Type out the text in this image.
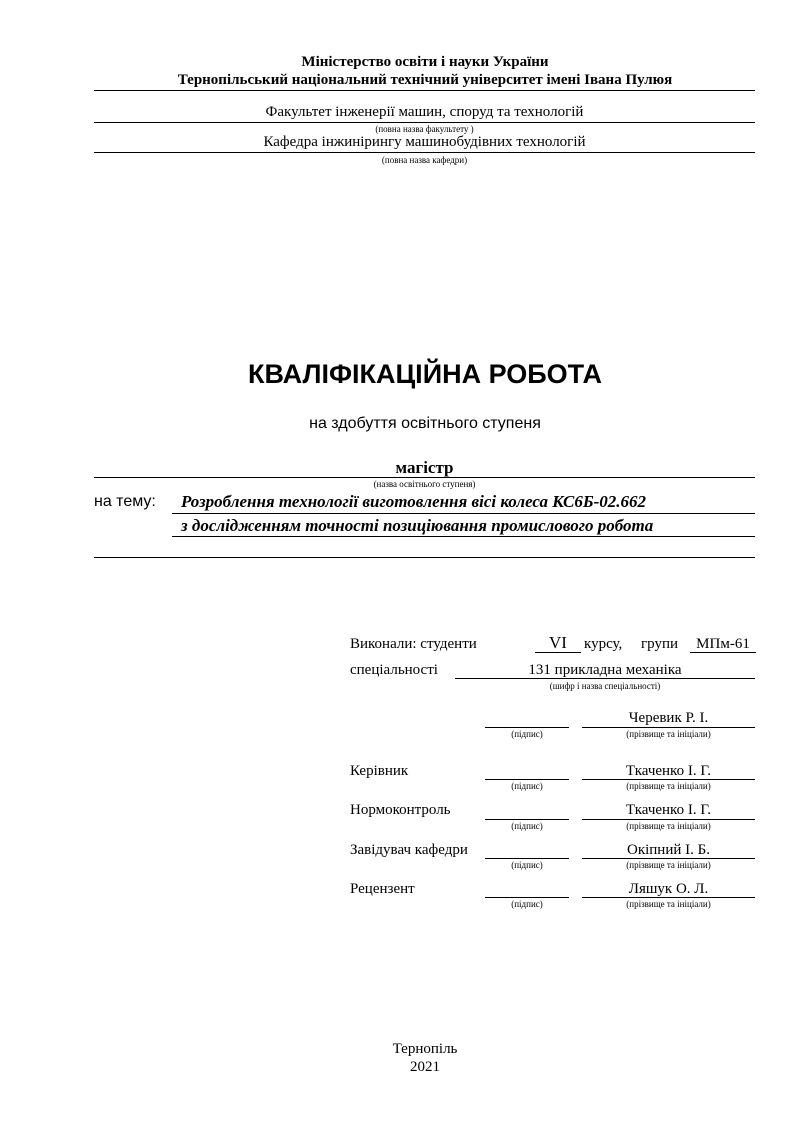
Міністерство освіти і науки України
Тернопільський національний технічний університет імені Івана Пулюя
Факультет інженерії машин, споруд та технологій
(повна назва факультету )
Кафедра інжинірингу машинобудівних технологій
(повна назва кафедри)
КВАЛІФІКАЦІЙНА РОБОТА
на здобуття освітнього ступеня
магістр
(назва освітнього ступеня)
на тему: Розроблення технології виготовлення вісі колеса КС6Б-02.662
з дослідженням точності позиціювання промислового робота
Виконали: студенти	VI	курсу, групи	МПм-61
спеціальності	131 прикладна механіка
(шифр і назва спеціальності)
(підпис)
Черевик Р. І.
(прізвище та ініціали)
Керівник
(підпис)
Ткаченко І. Г.
(прізвище та ініціали)
Нормоконтроль
(підпис)
Ткаченко І. Г.
(прізвище та ініціали)
Завідувач кафедри
(підпис)
Окіпний І. Б.
(прізвище та ініціали)
Рецензент
(підпис)
Ляшук О. Л.
(прізвище та ініціали)
Тернопіль
2021
